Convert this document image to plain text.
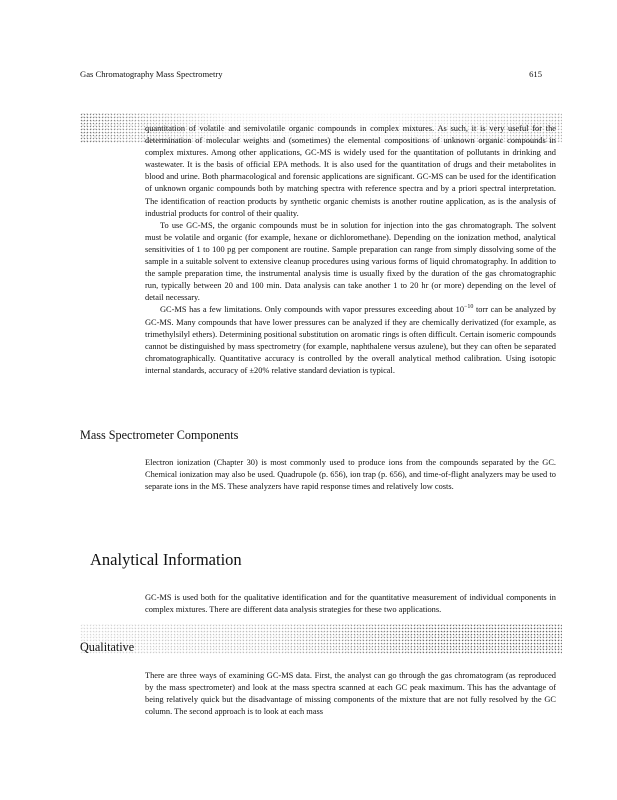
Gas Chromatography Mass Spectrometry	615

quantitation of volatile and semivolatile organic compounds in complex mixtures. As such, it is very useful for the determination of molecular weights and (sometimes) the elemental compositions of unknown organic compounds in complex mixtures. Among other applications, GC-MS is widely used for the quantitation of pollutants in drinking and wastewater. It is the basis of official EPA methods. It is also used for the quantitation of drugs and their metabolites in blood and urine. Both pharmacological and forensic applications are significant. GC-MS can be used for the identification of unknown organic compounds both by matching spectra with reference spectra and by a priori spectral interpretation. The identification of reaction products by synthetic organic chemists is another routine application, as is the analysis of industrial products for control of their quality.

To use GC-MS, the organic compounds must be in solution for injection into the gas chromatograph. The solvent must be volatile and organic (for example, hexane or dichloromethane). Depending on the ionization method, analytical sensitivities of 1 to 100 pg per component are routine. Sample preparation can range from simply dissolving some of the sample in a suitable solvent to extensive cleanup procedures using various forms of liquid chromatography. In addition to the sample preparation time, the instrumental analysis time is usually fixed by the duration of the gas chromatographic run, typically between 20 and 100 min. Data analysis can take another 1 to 20 hr (or more) depending on the level of detail necessary.

GC-MS has a few limitations. Only compounds with vapor pressures exceeding about $10^{-10}$ torr can be analyzed by GC-MS. Many compounds that have lower pressures can be analyzed if they are chemically derivatized (for example, as trimethylsilyl ethers). Determining positional substitution on aromatic rings is often difficult. Certain isomeric compounds cannot be distinguished by mass spectrometry (for example, naphthalene versus azulene), but they can often be separated chromatographically. Quantitative accuracy is controlled by the overall analytical method calibration. Using isotopic internal standards, accuracy of ±20% relative standard deviation is typical.

Mass Spectrometer Components

Electron ionization (Chapter 30) is most commonly used to produce ions from the compounds separated by the GC. Chemical ionization may also be used. Quadrupole (p. 656), ion trap (p. 656), and time-of-flight analyzers may be used to separate ions in the MS. These analyzers have rapid response times and relatively low costs.

Analytical Information

GC-MS is used both for the qualitative identification and for the quantitative measurement of individual components in complex mixtures. There are different data analysis strategies for these two applications.

Qualitative

There are three ways of examining GC-MS data. First, the analyst can go through the gas chromatogram (as reproduced by the mass spectrometer) and look at the mass spectra scanned at each GC peak maximum. This has the advantage of being relatively quick but the disadvantage of missing components of the mixture that are not fully resolved by the GC column. The second approach is to look at each mass
